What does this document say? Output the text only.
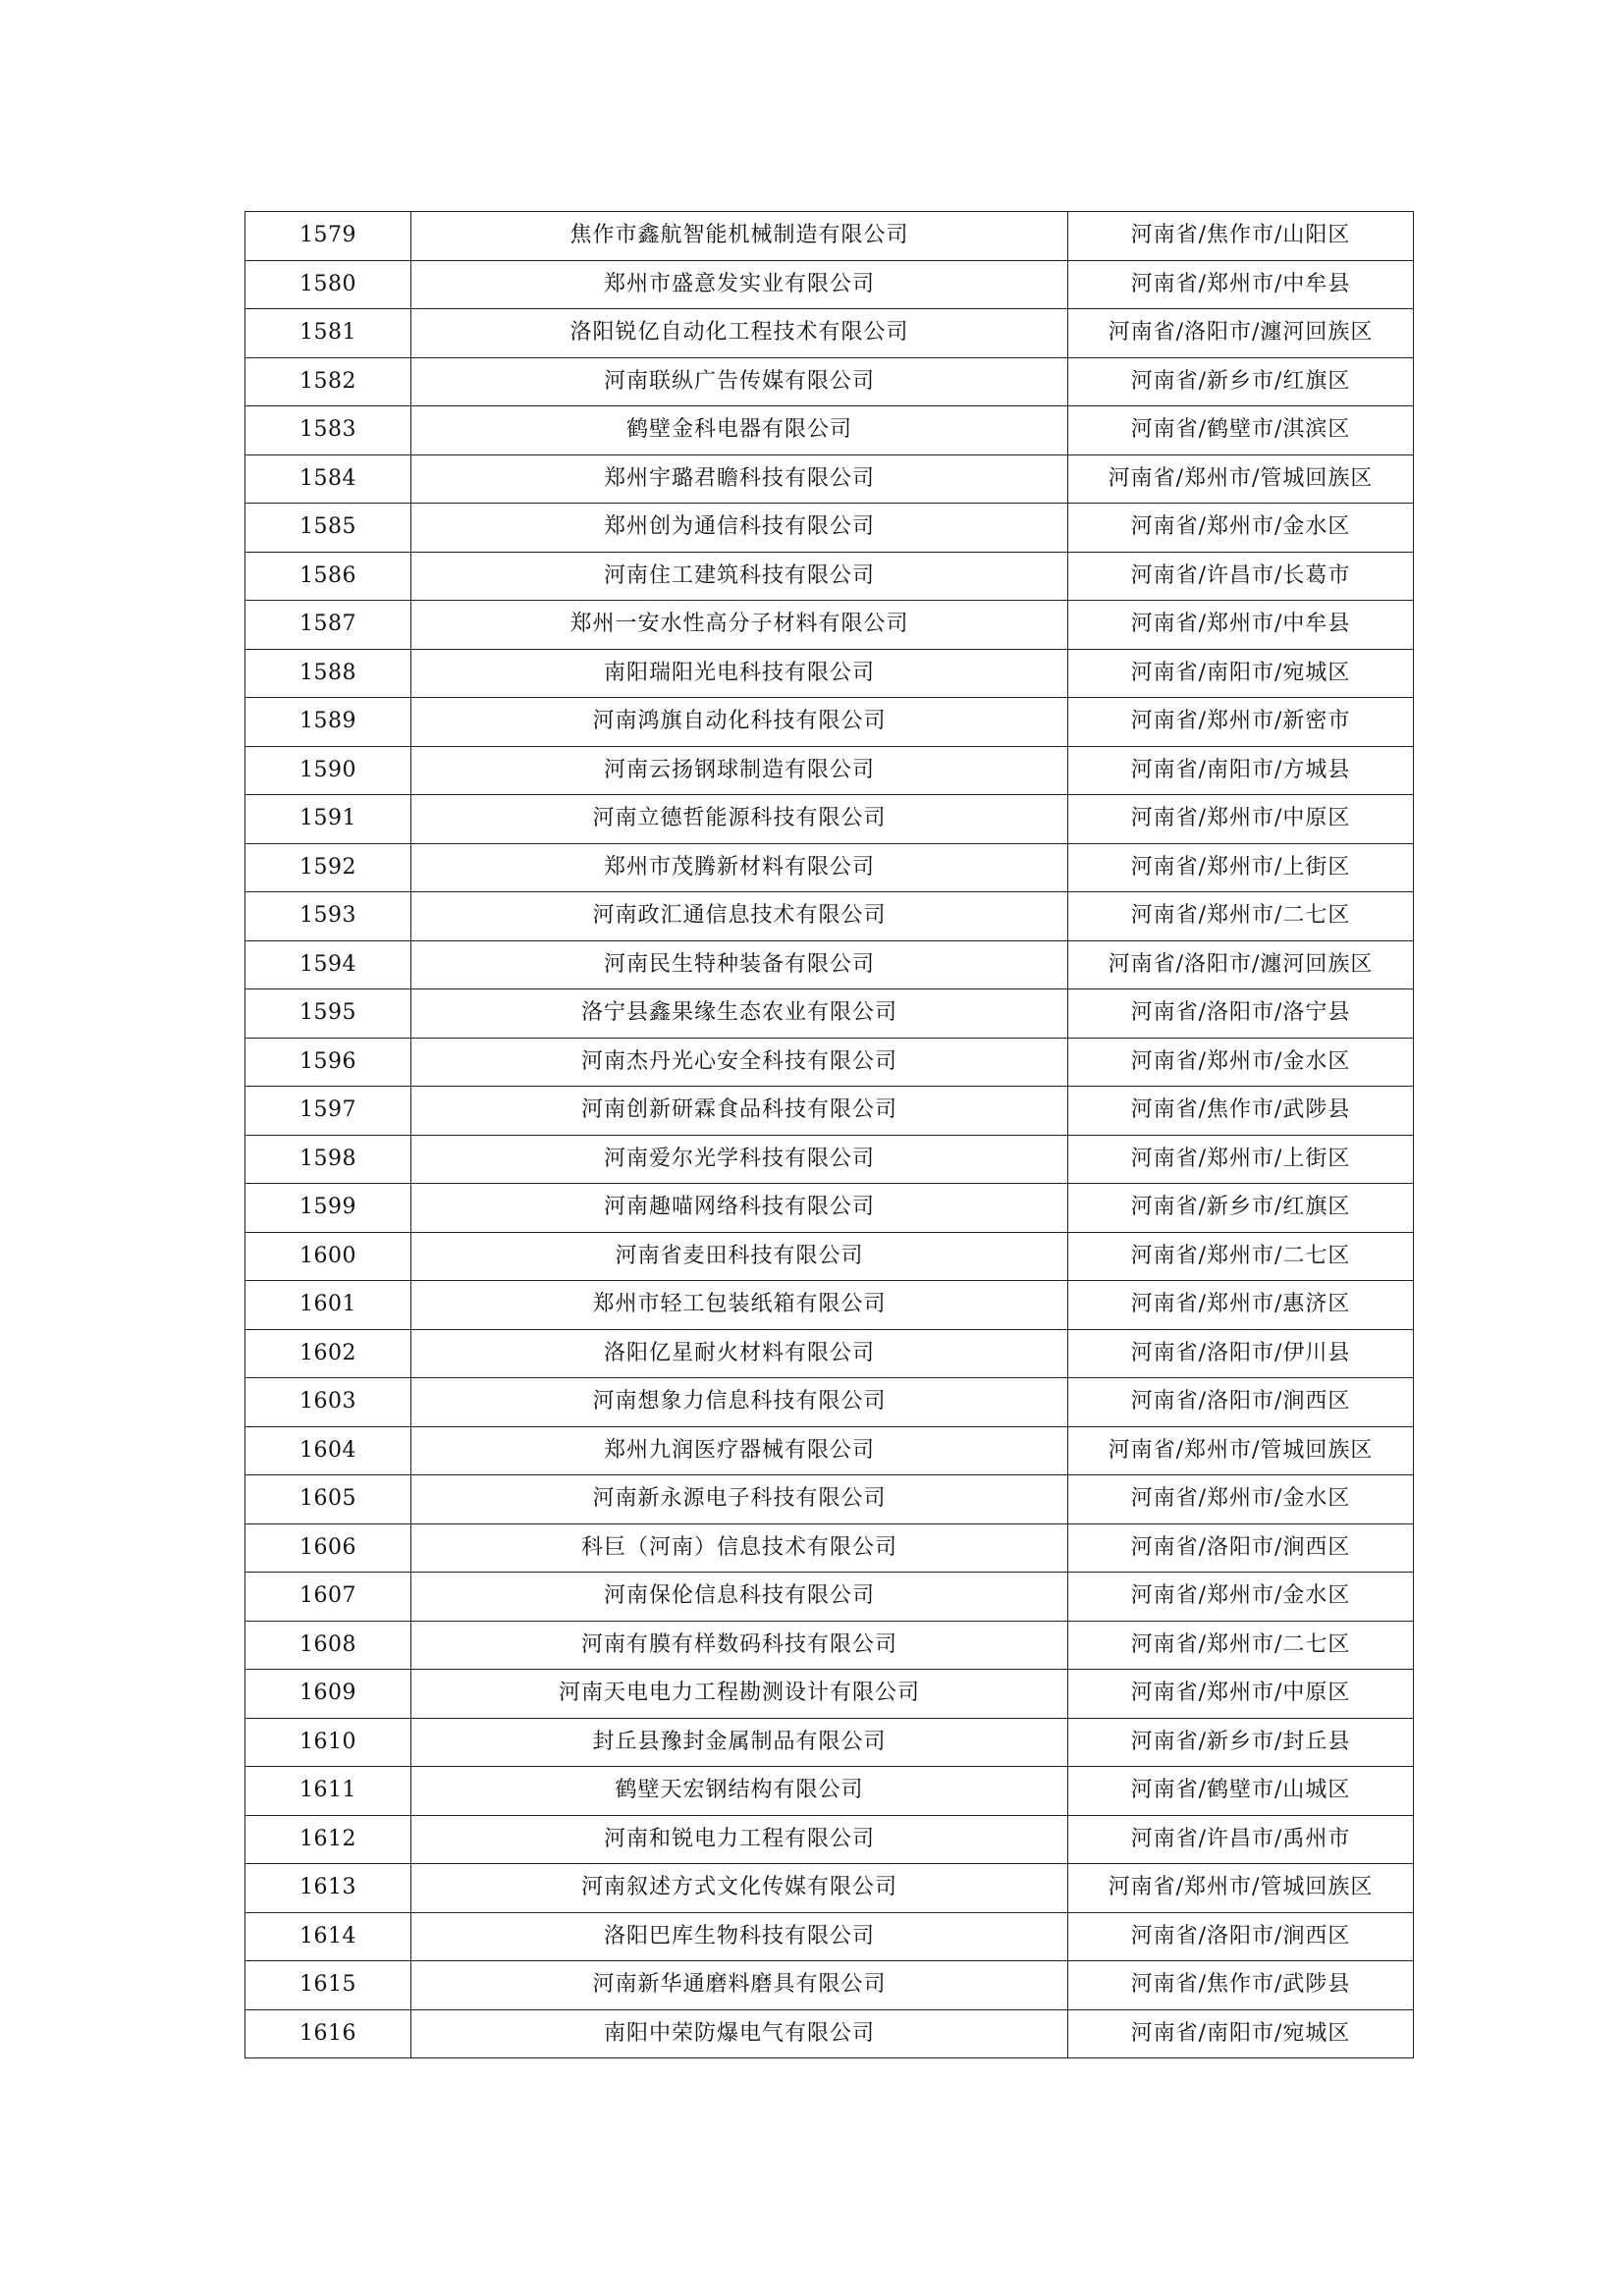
1579	焦作市鑫航智能机械制造有限公司	河南省/焦作市/山阳区
1580	郑州市盛意发实业有限公司	河南省/郑州市/中牟县
1581	洛阳锐亿自动化工程技术有限公司	河南省/洛阳市/瀍河回族区
1582	河南联纵广告传媒有限公司	河南省/新乡市/红旗区
1583	鹤壁金科电器有限公司	河南省/鹤壁市/淇滨区
1584	郑州宇璐君瞻科技有限公司	河南省/郑州市/管城回族区
1585	郑州创为通信科技有限公司	河南省/郑州市/金水区
1586	河南住工建筑科技有限公司	河南省/许昌市/长葛市
1587	郑州一安水性高分子材料有限公司	河南省/郑州市/中牟县
1588	南阳瑞阳光电科技有限公司	河南省/南阳市/宛城区
1589	河南鸿旗自动化科技有限公司	河南省/郑州市/新密市
1590	河南云扬钢球制造有限公司	河南省/南阳市/方城县
1591	河南立德哲能源科技有限公司	河南省/郑州市/中原区
1592	郑州市茂腾新材料有限公司	河南省/郑州市/上街区
1593	河南政汇通信息技术有限公司	河南省/郑州市/二七区
1594	河南民生特种装备有限公司	河南省/洛阳市/瀍河回族区
1595	洛宁县鑫果缘生态农业有限公司	河南省/洛阳市/洛宁县
1596	河南杰丹光心安全科技有限公司	河南省/郑州市/金水区
1597	河南创新研霖食品科技有限公司	河南省/焦作市/武陟县
1598	河南爱尔光学科技有限公司	河南省/郑州市/上街区
1599	河南趣喵网络科技有限公司	河南省/新乡市/红旗区
1600	河南省麦田科技有限公司	河南省/郑州市/二七区
1601	郑州市轻工包装纸箱有限公司	河南省/郑州市/惠济区
1602	洛阳亿星耐火材料有限公司	河南省/洛阳市/伊川县
1603	河南想象力信息科技有限公司	河南省/洛阳市/涧西区
1604	郑州九润医疗器械有限公司	河南省/郑州市/管城回族区
1605	河南新永源电子科技有限公司	河南省/郑州市/金水区
1606	科巨（河南）信息技术有限公司	河南省/洛阳市/涧西区
1607	河南保伦信息科技有限公司	河南省/郑州市/金水区
1608	河南有膜有样数码科技有限公司	河南省/郑州市/二七区
1609	河南天电电力工程勘测设计有限公司	河南省/郑州市/中原区
1610	封丘县豫封金属制品有限公司	河南省/新乡市/封丘县
1611	鹤壁天宏钢结构有限公司	河南省/鹤壁市/山城区
1612	河南和锐电力工程有限公司	河南省/许昌市/禹州市
1613	河南叙述方式文化传媒有限公司	河南省/郑州市/管城回族区
1614	洛阳巴库生物科技有限公司	河南省/洛阳市/涧西区
1615	河南新华通磨料磨具有限公司	河南省/焦作市/武陟县
1616	南阳中荣防爆电气有限公司	河南省/南阳市/宛城区
